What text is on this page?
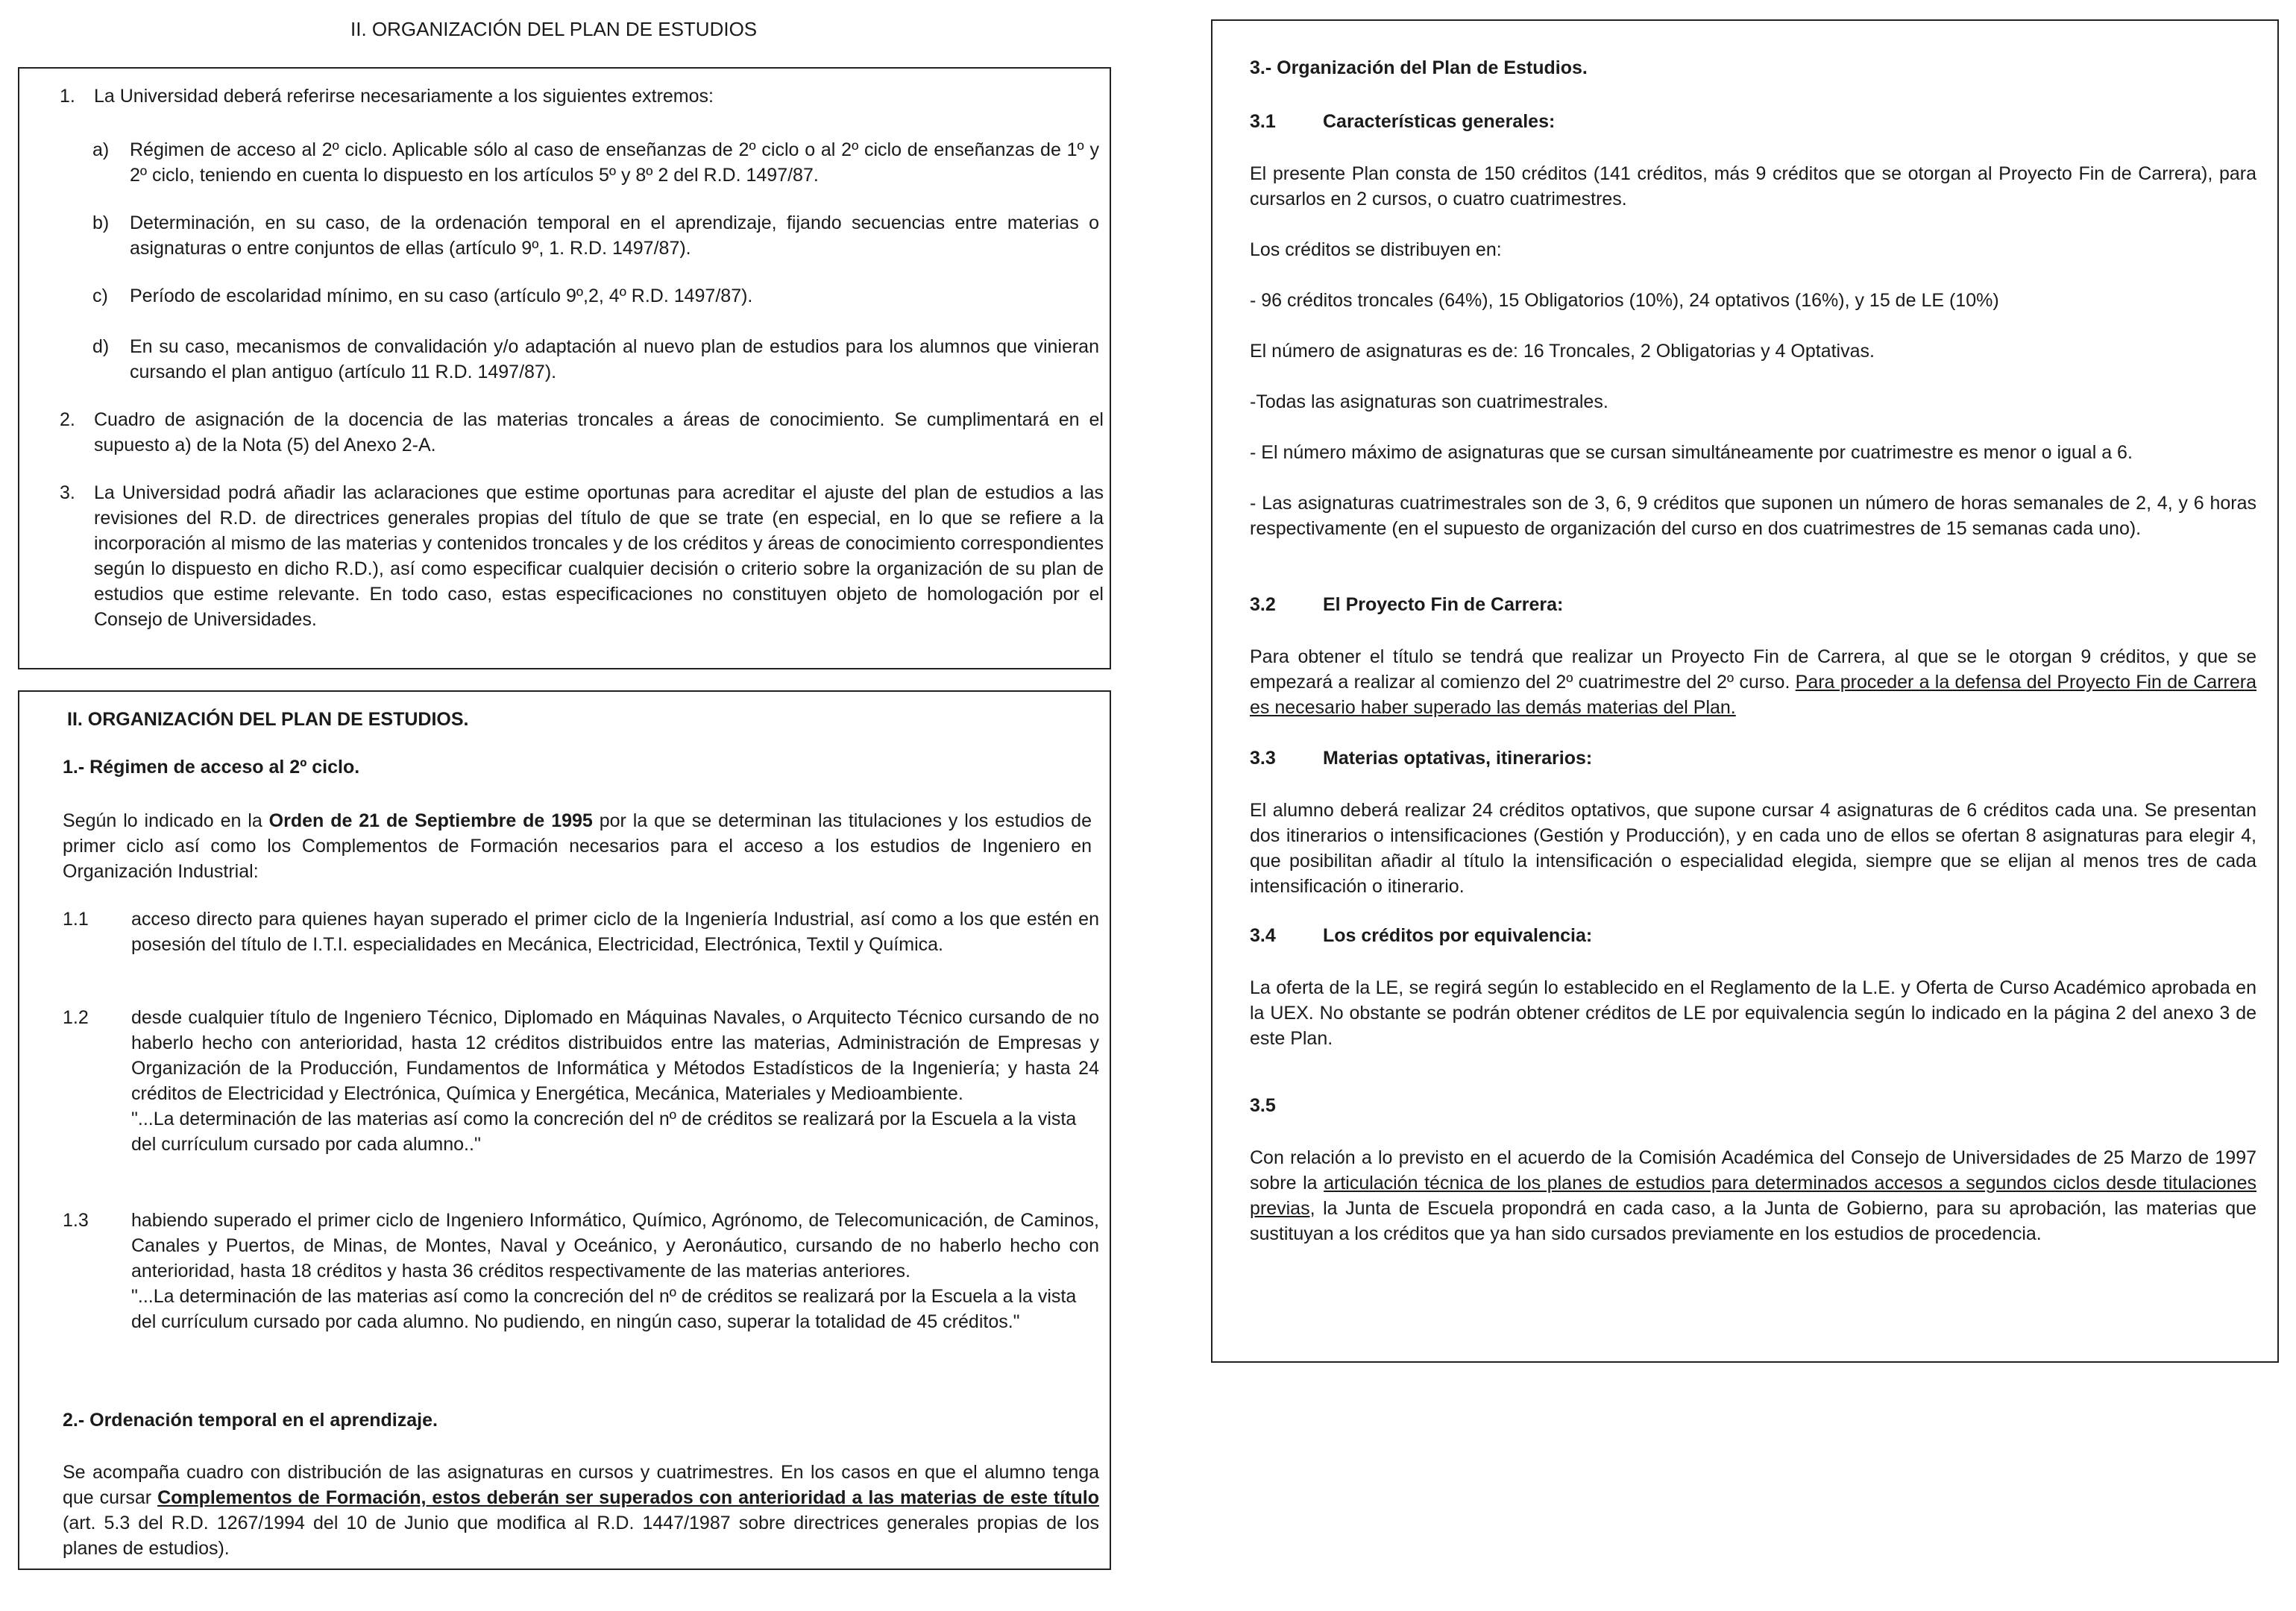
II. ORGANIZACIÓN DEL PLAN DE ESTUDIOS
1.	La Universidad deberá referirse necesariamente a los siguientes extremos:
a)	Régimen de acceso al 2º ciclo. Aplicable sólo al caso de enseñanzas de 2º ciclo o al 2º ciclo de enseñanzas de 1º y 2º ciclo, teniendo en cuenta lo dispuesto en los artículos 5º y 8º 2 del R.D. 1497/87.
b)	Determinación, en su caso, de la ordenación temporal en el aprendizaje, fijando secuencias entre materias o asignaturas o entre conjuntos de ellas (artículo 9º, 1. R.D. 1497/87).
c)	Período de escolaridad mínimo, en su caso (artículo 9º,2, 4º R.D. 1497/87).
d)	En su caso, mecanismos de convalidación y/o adaptación al nuevo plan de estudios para los alumnos que vinieran cursando el plan antiguo (artículo 11 R.D. 1497/87).
2.	Cuadro de asignación de la docencia de las materias troncales a áreas de conocimiento. Se cumplimentará en el supuesto a) de la Nota (5) del Anexo 2-A.
3.	La Universidad podrá añadir las aclaraciones que estime oportunas para acreditar el ajuste del plan de estudios a las revisiones del R.D. de directrices generales propias del título de que se trate (en especial, en lo que se refiere a la incorporación al mismo de las materias y contenidos troncales y de los créditos y áreas de conocimiento correspondientes según lo dispuesto en dicho R.D.), así como especificar cualquier decisión o criterio sobre la organización de su plan de estudios que estime relevante. En todo caso, estas especificaciones no constituyen objeto de homologación por el Consejo de Universidades.
II. ORGANIZACIÓN DEL PLAN DE ESTUDIOS.
1.- Régimen de acceso al 2º ciclo.

Según lo indicado en la Orden de 21 de Septiembre de 1995 por la que se determinan las titulaciones y los estudios de primer ciclo así como los Complementos de Formación necesarios para el acceso a los estudios de Ingeniero en Organización Industrial:

1.1	acceso directo para quienes hayan superado el primer ciclo de la Ingeniería Industrial, así como a los que estén en posesión del título de I.T.I. especialidades en Mecánica, Electricidad, Electrónica, Textil y Química.
1.2	desde cualquier título de Ingeniero Técnico, Diplomado en Máquinas Navales, o Arquitecto Técnico cursando de no haberlo hecho con anterioridad, hasta 12 créditos distribuidos entre las materias, Administración de Empresas y Organización de la Producción, Fundamentos de Informática y Métodos Estadísticos de la Ingeniería; y hasta 24 créditos de Electricidad y Electrónica, Química y Energética, Mecánica, Materiales y Medioambiente.

"...La determinación de las materias así como la concreción del nº de créditos se realizará por la Escuela a la vista del currículum cursado por cada alumno.."

1.3	habiendo superado el primer ciclo de Ingeniero Informático, Químico, Agrónomo, de Telecomunicación, de Caminos, Canales y Puertos, de Minas, de Montes, Naval y Oceánico, y Aeronáutico, cursando de no haberlo hecho con anterioridad, hasta 18 créditos y hasta 36 créditos respectivamente de las materias anteriores.

"...La determinación de las materias así como la concreción del nº de créditos se realizará por la Escuela a la vista del currículum cursado por cada alumno. No pudiendo, en ningún caso, superar la totalidad de 45 créditos."

2.- Ordenación temporal en el aprendizaje.

Se acompaña cuadro con distribución de las asignaturas en cursos y cuatrimestres. En los casos en que el alumno tenga que cursar Complementos de Formación, estos deberán ser superados con anterioridad a las materias de este título (art. 5.3 del R.D. 1267/1994 del 10 de Junio que modifica al R.D. 1447/1987 sobre directrices generales propias de los planes de estudios).

3.- Organización del Plan de Estudios.
3.1	Características generales:

El presente Plan consta de 150 créditos (141 créditos, más 9 créditos que se otorgan al Proyecto Fin de Carrera), para cursarlos en 2 cursos, o cuatro cuatrimestres.

Los créditos se distribuyen en:

- 96 créditos troncales (64%), 15 Obligatorios (10%), 24 optativos (16%), y 15 de LE (10%)

El número de asignaturas es de: 16 Troncales, 2 Obligatorias y 4 Optativas.

-Todas las asignaturas son cuatrimestrales.

- El número máximo de asignaturas que se cursan simultáneamente por cuatrimestre es menor o igual a 6.

- Las asignaturas cuatrimestrales son de 3, 6, 9 créditos que suponen un número de horas semanales de 2, 4, y 6 horas respectivamente (en el supuesto de organización del curso en dos cuatrimestres de 15 semanas cada uno).

3.2	El Proyecto Fin de Carrera:

Para obtener el título se tendrá que realizar un Proyecto Fin de Carrera, al que se le otorgan 9 créditos, y que se empezará a realizar al comienzo del 2º cuatrimestre del 2º curso. Para proceder a la defensa del Proyecto Fin de Carrera es necesario haber superado las demás materias del Plan.

3.3	Materias optativas, itinerarios:

El alumno deberá realizar 24 créditos optativos, que supone cursar 4 asignaturas de 6 créditos cada una. Se presentan dos itinerarios o intensificaciones (Gestión y Producción), y en cada uno de ellos se ofertan 8 asignaturas para elegir 4, que posibilitan añadir al título la intensificación o especialidad elegida, siempre que se elijan al menos tres de cada intensificación o itinerario.

3.4	Los créditos por equivalencia:

La oferta de la LE, se regirá según lo establecido en el Reglamento de la L.E. y Oferta de Curso Académico aprobada en la UEX. No obstante se podrán obtener créditos de LE por equivalencia según lo indicado en la página 2 del anexo 3 de este Plan.

3.5

Con relación a lo previsto en el acuerdo de la Comisión Académica del Consejo de Universidades de 25 Marzo de 1997 sobre la articulación técnica de los planes de estudios para determinados accesos a segundos ciclos desde titulaciones previas, la Junta de Escuela propondrá en cada caso, a la Junta de Gobierno, para su aprobación, las materias que sustituyan a los créditos que ya han sido cursados previamente en los estudios de procedencia.
